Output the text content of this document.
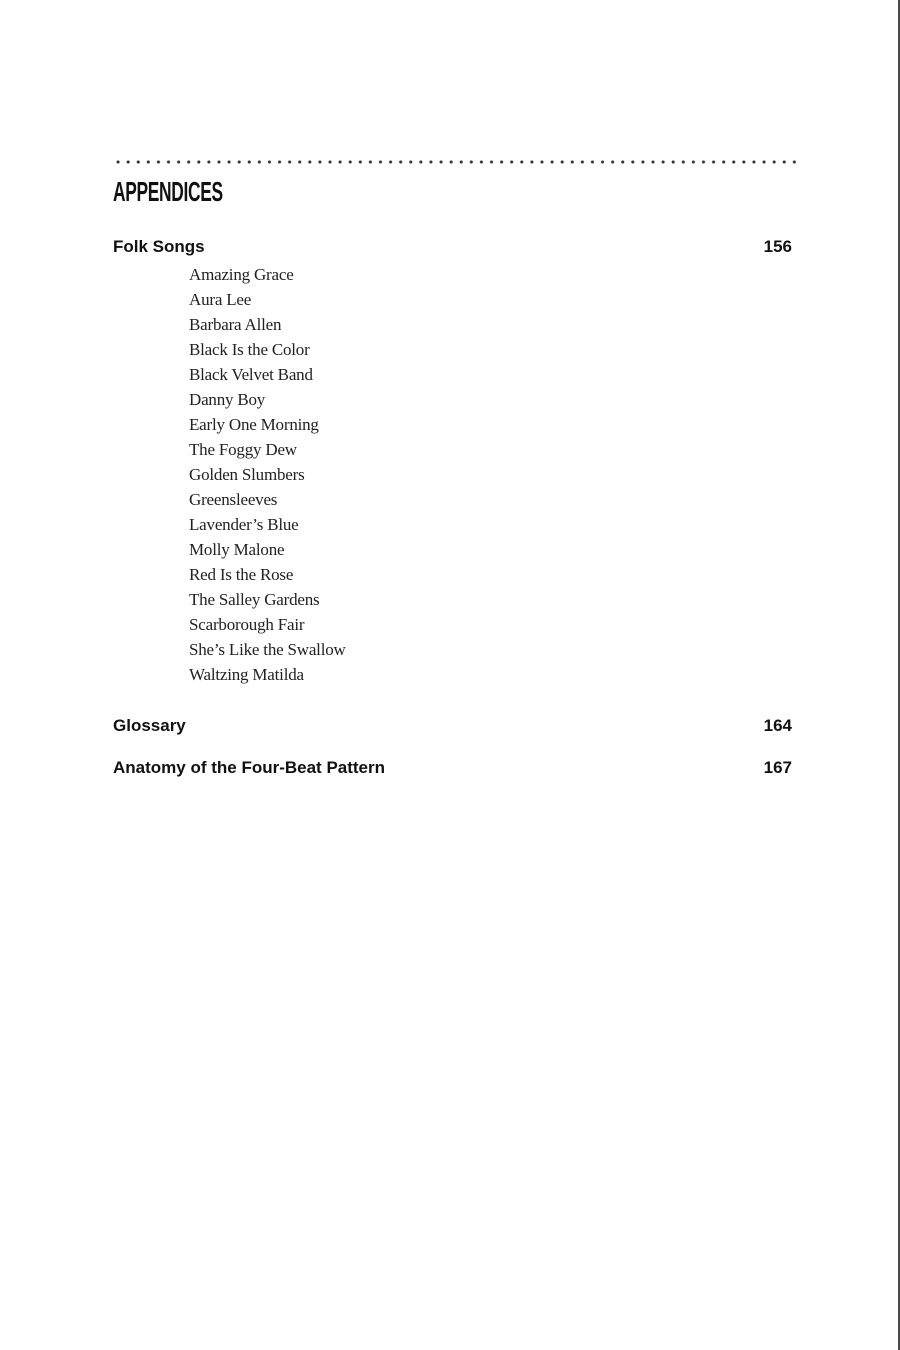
APPENDICES
Folk Songs	156
Amazing Grace
Aura Lee
Barbara Allen
Black Is the Color
Black Velvet Band
Danny Boy
Early One Morning
The Foggy Dew
Golden Slumbers
Greensleeves
Lavender’s Blue
Molly Malone
Red Is the Rose
The Salley Gardens
Scarborough Fair
She’s Like the Swallow
Waltzing Matilda
Glossary	164
Anatomy of the Four-Beat Pattern	167
